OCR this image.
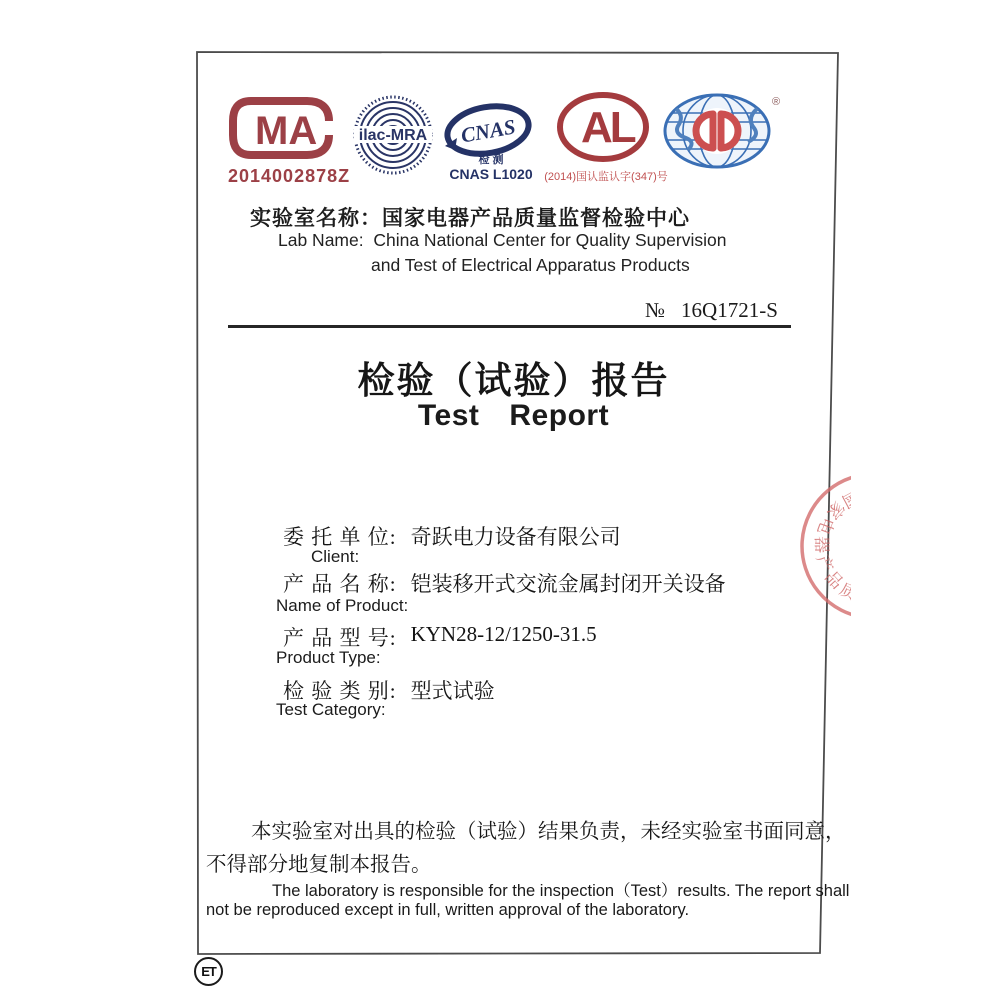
MA
2014002878Z
ilac-MRA CNAS
检 测
CNAS L1020
AL
(2014)国认监认字(347)号
®
实验室名称：国家电器产品质量监督检验中心
Lab Name: China National Center for Quality Supervision
and Test of Electrical Apparatus Products
№ 16Q1721-S
检验（试验）报告
Test Report
委 托 单 位: 奇跃电力设备有限公司
Client:
产 品 名 称: 铠装移开式交流金属封闭开关设备
Name of Product:
产 品 型 号: KYN28-12/1250-31.5
Product Type:
检 验 类 别: 型式试验
Test Category:
国家电器产品质量监督检验中心
本实验室对出具的检验（试验）结果负责，未经实验室书面同意，
不得部分地复制本报告。
The laboratory is responsible for the inspection（Test）results. The report shall
not be reproduced except in full, written approval of the laboratory.
ET
